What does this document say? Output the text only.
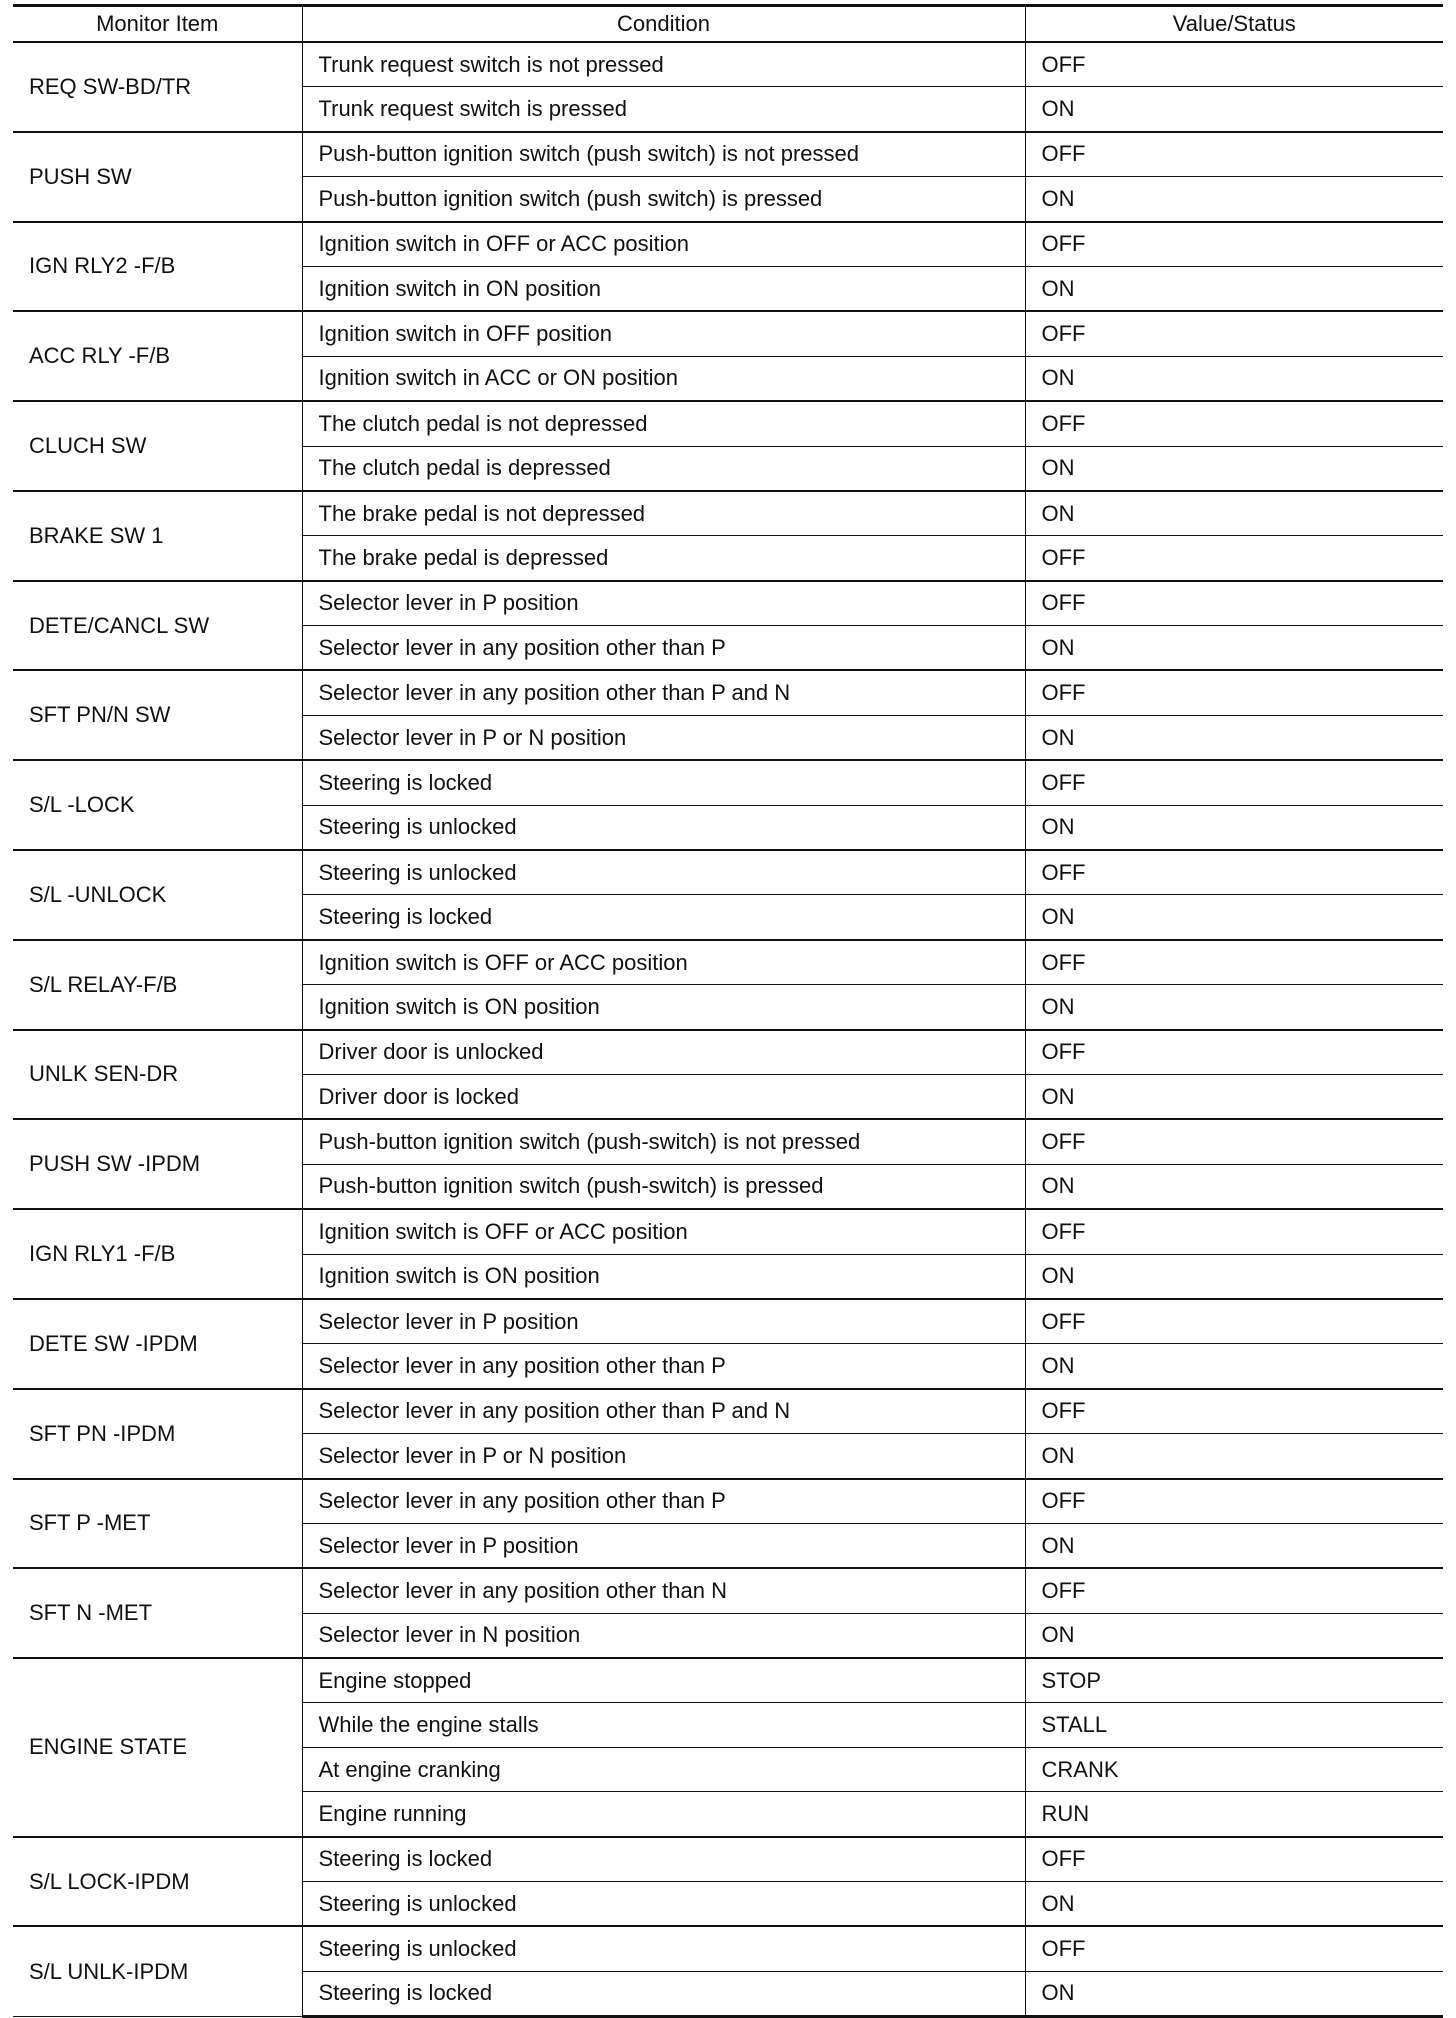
Monitor Item	Condition	Value/Status
REQ SW-BD/TR	Trunk request switch is not pressed	OFF
	Trunk request switch is pressed	ON
PUSH SW	Push-button ignition switch (push switch) is not pressed	OFF
	Push-button ignition switch (push switch) is pressed	ON
IGN RLY2 -F/B	Ignition switch in OFF or ACC position	OFF
	Ignition switch in ON position	ON
ACC RLY -F/B	Ignition switch in OFF position	OFF
	Ignition switch in ACC or ON position	ON
CLUCH SW	The clutch pedal is not depressed	OFF
	The clutch pedal is depressed	ON
BRAKE SW 1	The brake pedal is not depressed	ON
	The brake pedal is depressed	OFF
DETE/CANCL SW	Selector lever in P position	OFF
	Selector lever in any position other than P	ON
SFT PN/N SW	Selector lever in any position other than P and N	OFF
	Selector lever in P or N position	ON
S/L -LOCK	Steering is locked	OFF
	Steering is unlocked	ON
S/L -UNLOCK	Steering is unlocked	OFF
	Steering is locked	ON
S/L RELAY-F/B	Ignition switch is OFF or ACC position	OFF
	Ignition switch is ON position	ON
UNLK SEN-DR	Driver door is unlocked	OFF
	Driver door is locked	ON
PUSH SW -IPDM	Push-button ignition switch (push-switch) is not pressed	OFF
	Push-button ignition switch (push-switch) is pressed	ON
IGN RLY1 -F/B	Ignition switch is OFF or ACC position	OFF
	Ignition switch is ON position	ON
DETE SW -IPDM	Selector lever in P position	OFF
	Selector lever in any position other than P	ON
SFT PN -IPDM	Selector lever in any position other than P and N	OFF
	Selector lever in P or N position	ON
SFT P -MET	Selector lever in any position other than P	OFF
	Selector lever in P position	ON
SFT N -MET	Selector lever in any position other than N	OFF
	Selector lever in N position	ON
ENGINE STATE	Engine stopped	STOP
	While the engine stalls	STALL
	At engine cranking	CRANK
	Engine running	RUN
S/L LOCK-IPDM	Steering is locked	OFF
	Steering is unlocked	ON
S/L UNLK-IPDM	Steering is unlocked	OFF
	Steering is locked	ON
